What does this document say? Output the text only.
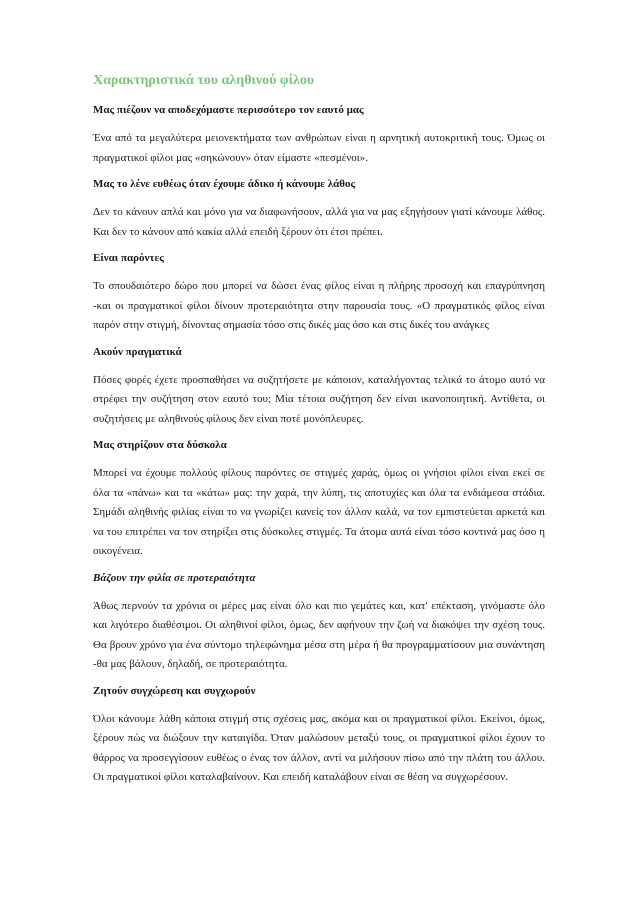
Χαρακτηριστικά του αληθινού φίλου
Μας πιέζουν να αποδεχόμαστε περισσότερο τον εαυτό μας

Ένα από τα μεγαλύτερα μειονεκτήματα των ανθρώπων είναι η αρνητική αυτοκριτική τους. Όμως οι πραγματικοί φίλοι μας «σηκώνουν» όταν είμαστε «πεσμένοι».

Μας το λένε ευθέως όταν έχουμε άδικο ή κάνουμε λάθος

Δεν το κάνουν απλά και μόνο για να διαφωνήσουν, αλλά για να μας εξηγήσουν γιατί κάνουμε λάθος. Και δεν το κάνουν από κακία αλλά επειδή ξέρουν ότι έτσι πρέπει.

Είναι παρόντες

Το σπουδαιότερο δώρο που μπορεί να δώσει ένας φίλος είναι η πλήρης προσοχή και επαγρύπνηση -και οι πραγματικοί φίλοι δίνουν προτεραιότητα στην παρουσία τους. «Ο πραγματικός φίλος είναι παρόν στην στιγμή, δίνοντας σημασία τόσο στις δικές μας όσο και στις δικές του ανάγκες

Ακούν πραγματικά

Πόσες φορές έχετε προσπαθήσει να συζητήσετε με κάποιον, καταλήγοντας τελικά το άτομο αυτό να στρέφει την συζήτηση στον εαυτό του; Μία τέτοια συζήτηση δεν είναι ικανοποιητική. Αντίθετα, οι συζητήσεις με αληθινούς φίλους δεν είναι ποτέ μονόπλευρες.

Μας στηρίζουν στα δύσκολα

Μπορεί να έχουμε πολλούς φίλους παρόντες σε στιγμές χαράς, όμως οι γνήσιοι φίλοι είναι εκεί σε όλα τα «πάνω» και τα «κάτω» μας: την χαρά, την λύπη, τις αποτυχίες και όλα τα ενδιάμεσα στάδια. Σημάδι αληθινής φιλίας είναι το να γνωρίζει κανείς τον άλλον καλά, να τον εμπιστεύεται αρκετά και να του επιτρέπει να τον στηρίξει στις δύσκολες στιγμές. Τα άτομα αυτά είναι τόσο κοντινά μας όσο η οικογένεια.

Βάζουν την φιλία σε προτεραιότητα

Άθως περνούν τα χρόνια οι μέρες μας είναι όλο και πιο γεμάτες και, κατ' επέκταση, γινόμαστε όλο και λιγότερο διαθέσιμοι. Οι αληθινοί φίλοι, όμως, δεν αφήνουν την ζωή να διακόψει την σχέση τους. Θα βρουν χρόνο για ένα σύντομο τηλεφώνημα μέσα στη μέρα ή θα προγραμματίσουν μια συνάντηση -θα μας βάλουν, δηλαδή, σε προτεραιότητα.

Ζητούν συγχώρεση και συγχωρούν

Όλοι κάνουμε λάθη κάποια στιγμή στις σχέσεις μας, ακόμα και οι πραγματικοί φίλοι. Εκείνοι, όμως, ξέρουν πώς να διώξουν την καταιγίδα. Όταν μαλώσουν μεταξύ τους, οι πραγματικοί φίλοι έχουν το θάρρος να προσεγγίσουν ευθέως ο ένας τον άλλον, αντί να μιλήσουν πίσω από την πλάτη του άλλου. Οι πραγματικοί φίλοι καταλαβαίνουν. Και επειδή καταλάβουν είναι σε θέση να συγχωρέσουν.
